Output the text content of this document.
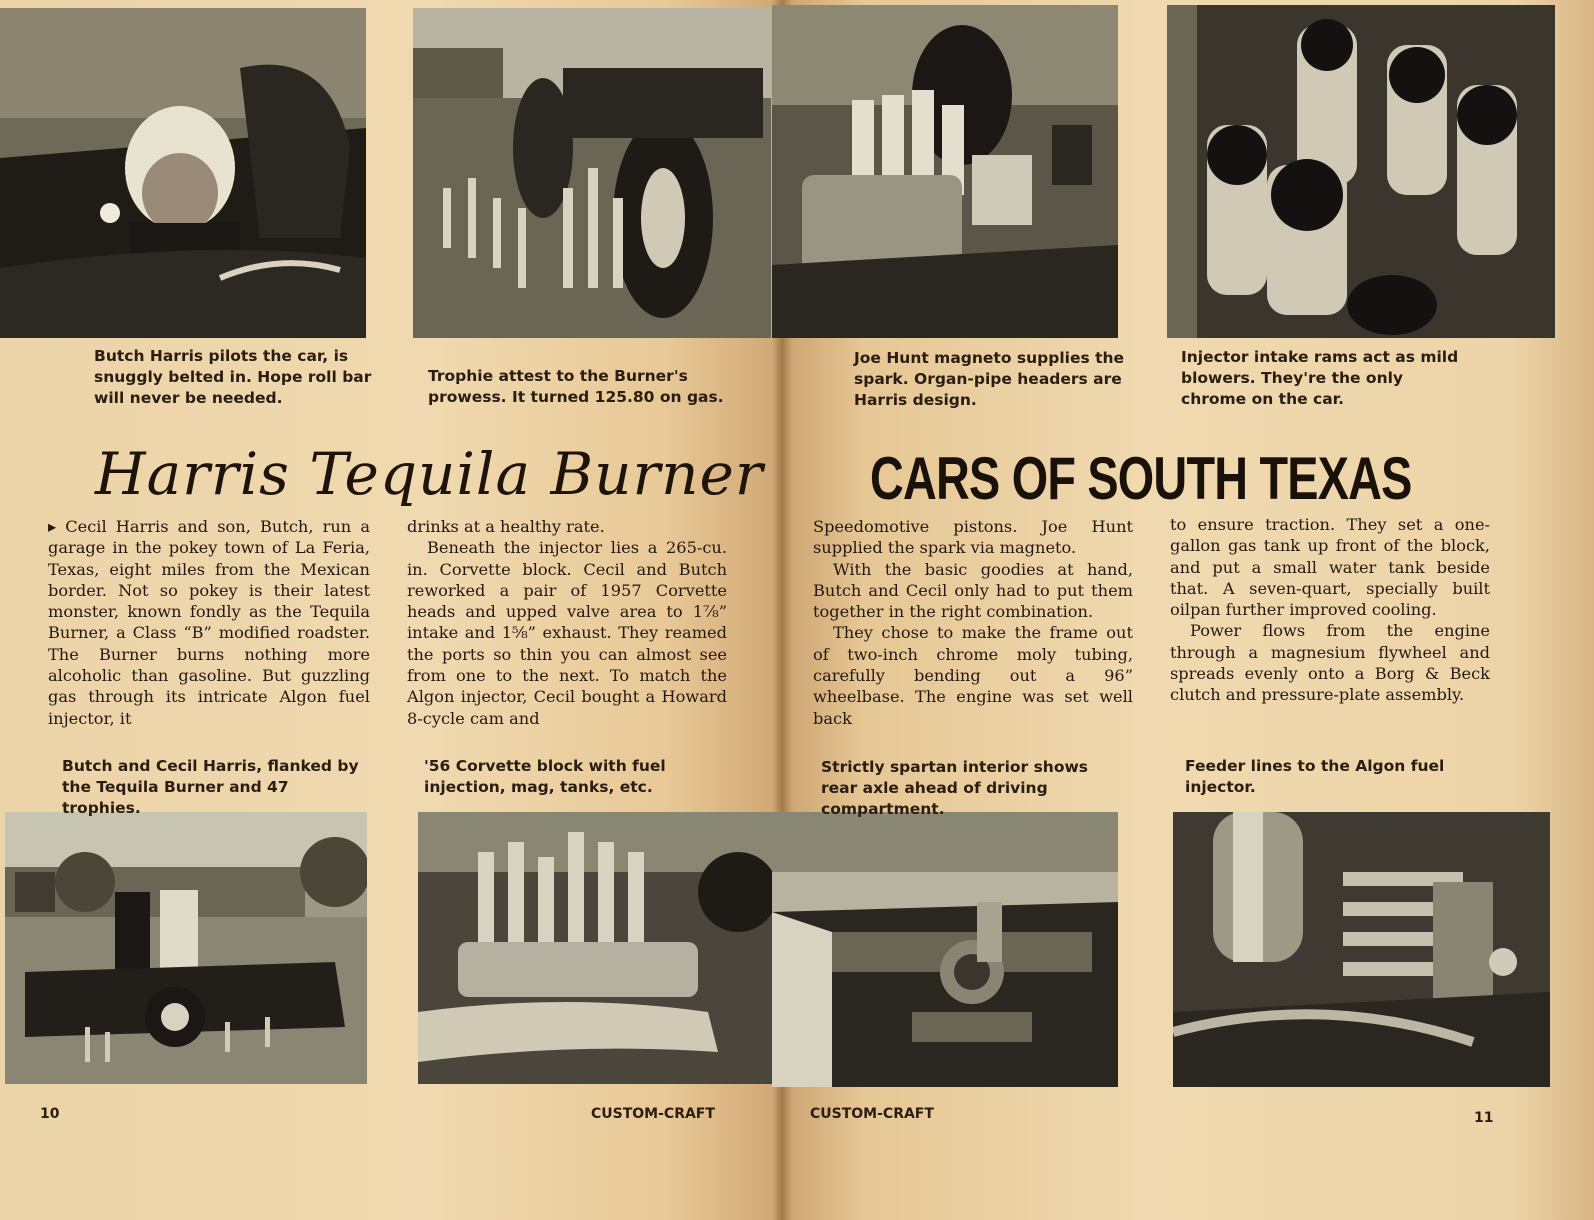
Butch Harris pilots the car, is snuggly belted in. Hope roll bar will never be needed.
Trophie attest to the Burner's prowess. It turned 125.80 on gas.
Harris Tequila Burner

▸ Cecil Harris and son, Butch, run a garage in the pokey town of La Feria, Texas, eight miles from the Mexican border. Not so pokey is their latest monster, known fondly as the Tequila Burner, a Class “B” modified roadster. The Burner burns nothing more alcoholic than gasoline. But guzzling gas through its intricate Algon fuel injector, it

drinks at a healthy rate.

Beneath the injector lies a 265-cu. in. Corvette block. Cecil and Butch reworked a pair of 1957 Corvette heads and upped valve area to 1⅞” intake and 1⅝” exhaust. They reamed the ports so thin you can almost see from one to the next. To match the Algon injector, Cecil bought a Howard 8-cycle cam and

Butch and Cecil Harris, flanked by the Tequila Burner and 47 trophies.
'56 Corvette block with fuel injection, mag, tanks, etc.
10	CUSTOM-CRAFT
Joe Hunt magneto supplies the spark. Organ-pipe headers are Harris design.
Injector intake rams act as mild blowers. They're the only chrome on the car.
CARS OF SOUTH TEXAS

Speedomotive pistons. Joe Hunt supplied the spark via magneto.

With the basic goodies at hand, Butch and Cecil only had to put them together in the right combination.

They chose to make the frame out of two-inch chrome moly tubing, carefully bending out a 96” wheelbase. The engine was set well back

to ensure traction. They set a one-gallon gas tank up front of the block, and put a small water tank beside that. A seven-quart, specially built oilpan further improved cooling.

Power flows from the engine through a magnesium flywheel and spreads evenly onto a Borg & Beck clutch and pressure-plate assembly.

Strictly spartan interior shows rear axle ahead of driving compartment.
Feeder lines to the Algon fuel injector.
CUSTOM-CRAFT	11
